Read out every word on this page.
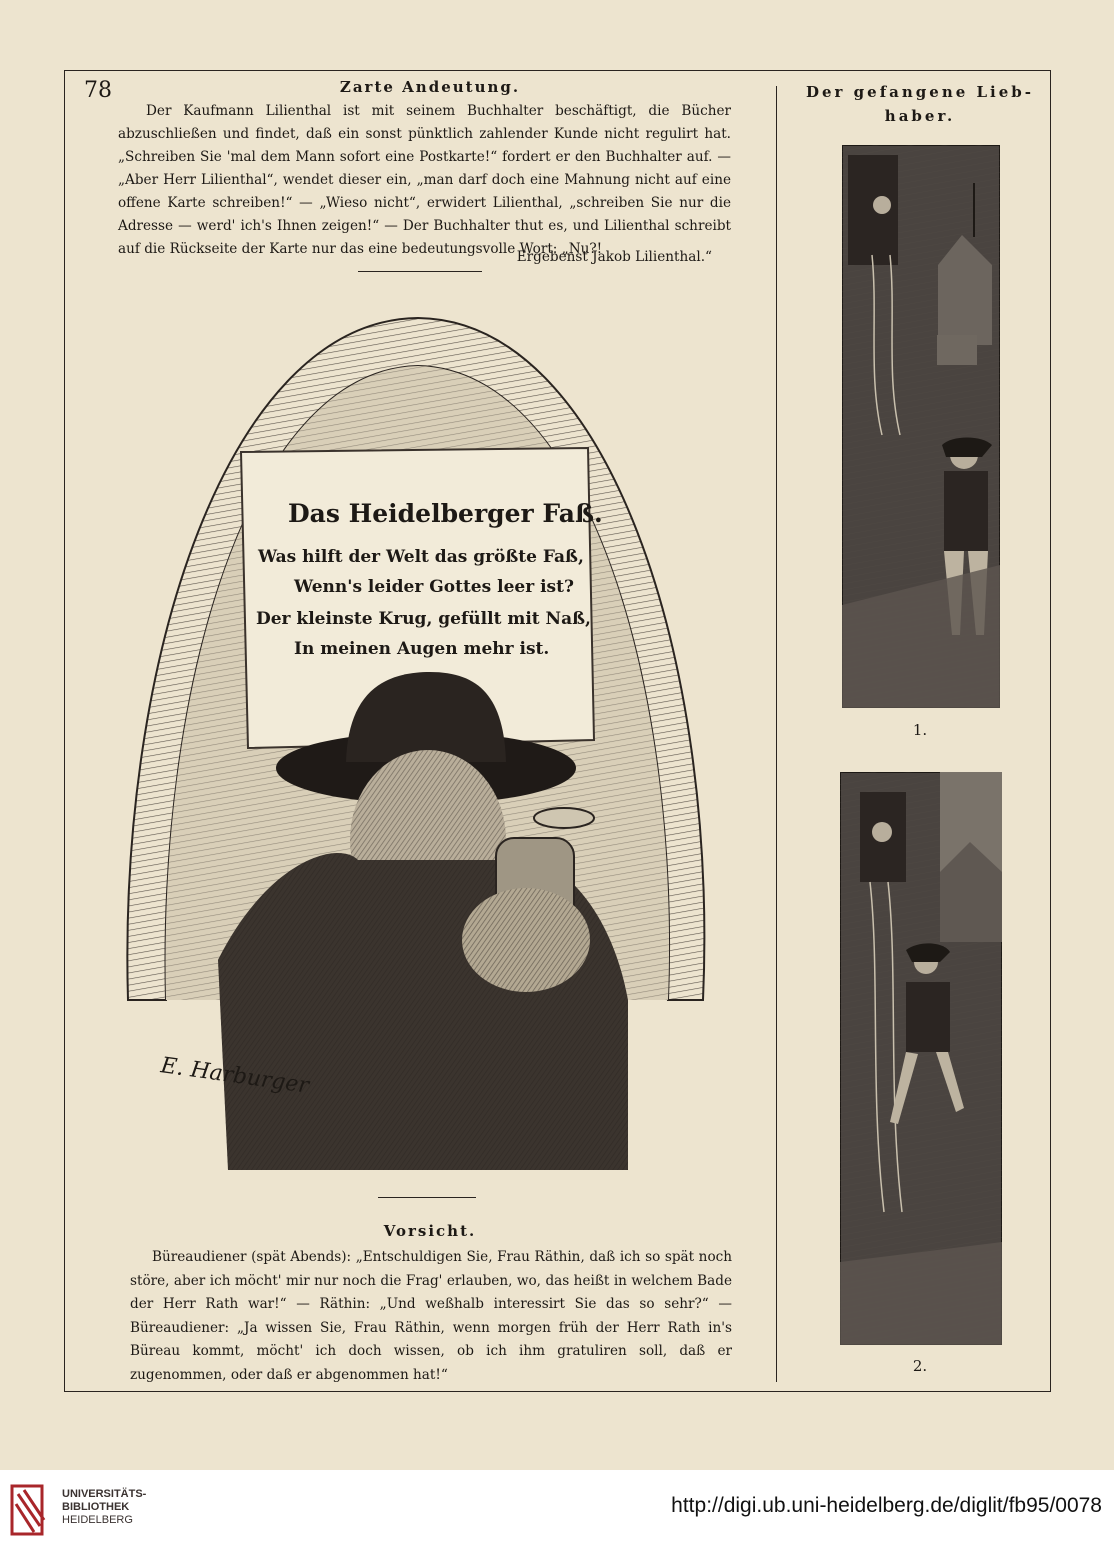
78	Zarte Andeutung.

Der Kaufmann Lilienthal ist mit seinem Buchhalter beschäftigt, die Bücher abzuschließen und findet, daß ein sonst pünktlich zahlender Kunde nicht regulirt hat. „Schreiben Sie 'mal dem Mann sofort eine Postkarte!“ fordert er den Buchhalter auf. — „Aber Herr Lilienthal“, wendet dieser ein, „man darf doch eine Mahnung nicht auf eine offene Karte schreiben!“ — „Wieso nicht“, erwidert Lilienthal, „schreiben Sie nur die Adresse — werd' ich's Ihnen zeigen!“ — Der Buchhalter thut es, und Lilienthal schreibt auf die Rückseite der Karte nur das eine bedeutungsvolle Wort: „Nu?!

Ergebenst Jakob Lilienthal.“

Das Heidelberger Faß.
Was hilft der Welt das größte Faß,
Wenn's leider Gottes leer ist?
Der kleinste Krug, gefüllt mit Naß,
In meinen Augen mehr ist.
E. Harburger

Vorsicht.

Büreaudiener (spät Abends): „Entschuldigen Sie, Frau Räthin, daß ich so spät noch störe, aber ich möcht' mir nur noch die Frag' erlauben, wo, das heißt in welchem Bade der Herr Rath war!“ — Räthin: „Und weßhalb interessirt Sie das so sehr?“ — Büreaudiener: „Ja wissen Sie, Frau Räthin, wenn morgen früh der Herr Rath in's Büreau kommt, möcht' ich doch wissen, ob ich ihm gratuliren soll, daß er zugenommen, oder daß er abgenommen hat!“

Der gefangene Lieb-
haber.

1.

2.

UNIVERSITÄTS-
BIBLIOTHEK
HEIDELBERG

http://digi.ub.uni-heidelberg.de/diglit/fb95/0078
